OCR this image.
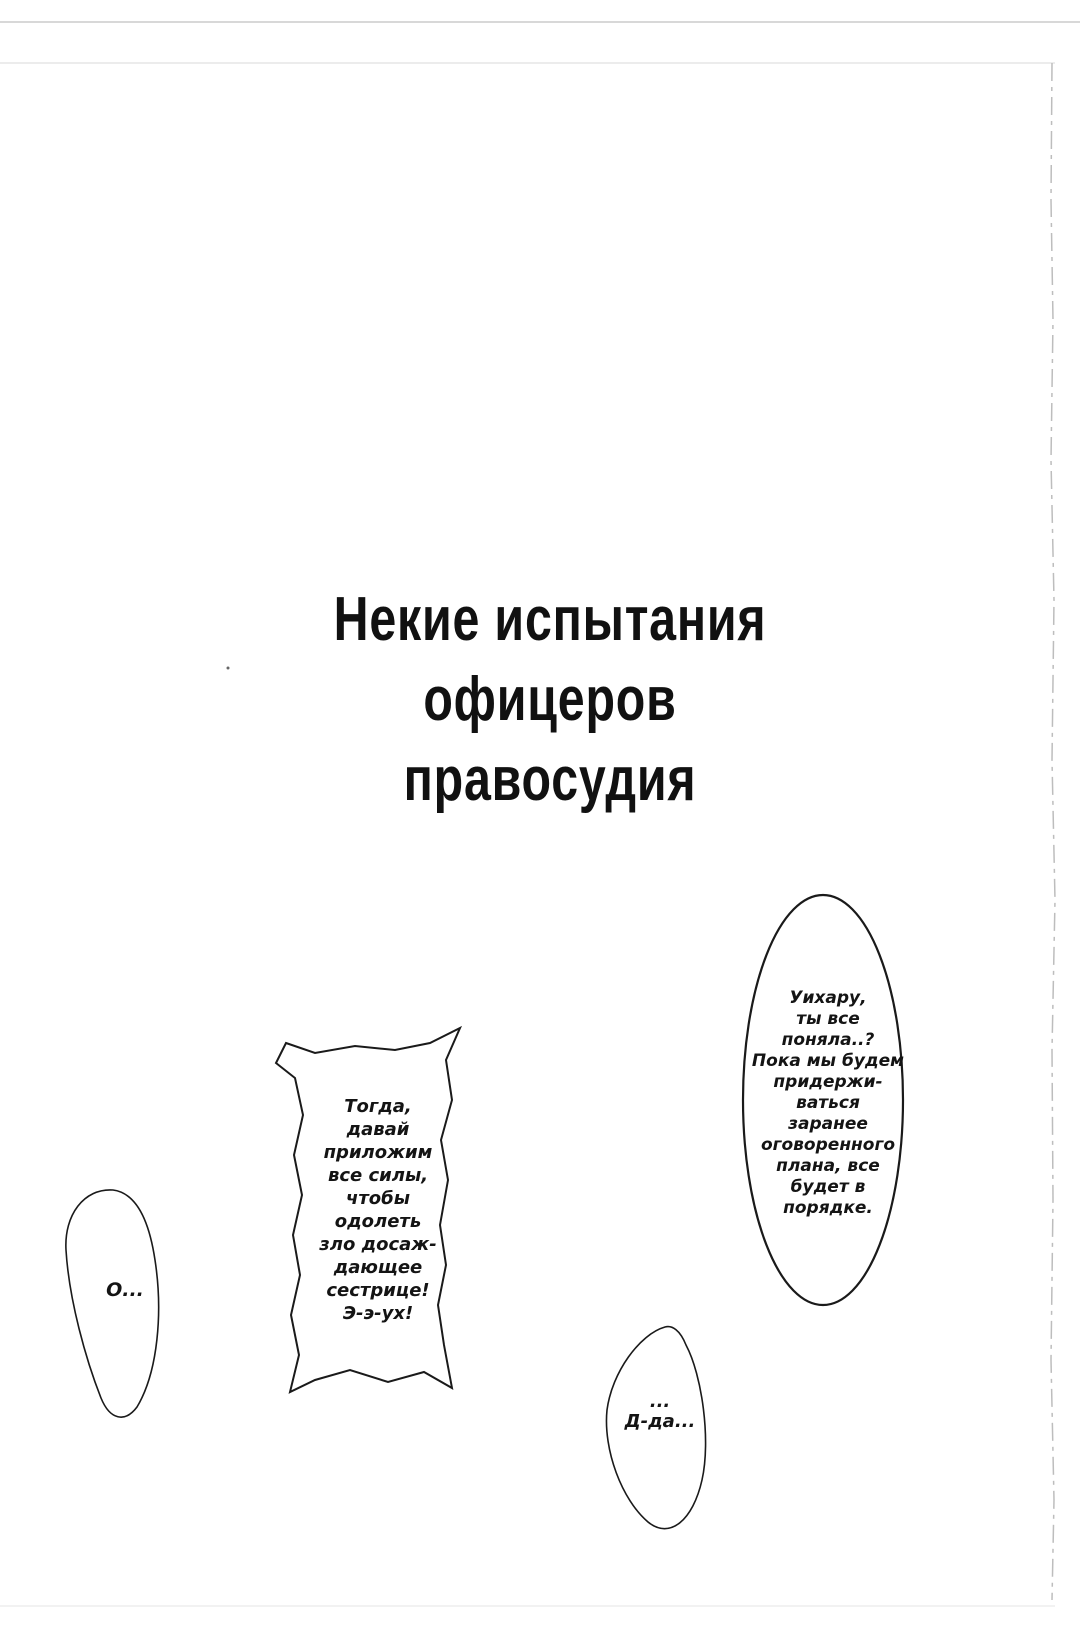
Некие испытания
офицеров правосудия
Уихару,
ты все
поняла..?
Пока мы будем
придержи-
ваться
заранее
оговоренного
плана, все
будет в
порядке.
Тогда,
давай
приложим
все силы,
чтобы
одолеть
зло досаж-
дающее
сестрице!
Э-э-ух!
О...
...
Д-да...
